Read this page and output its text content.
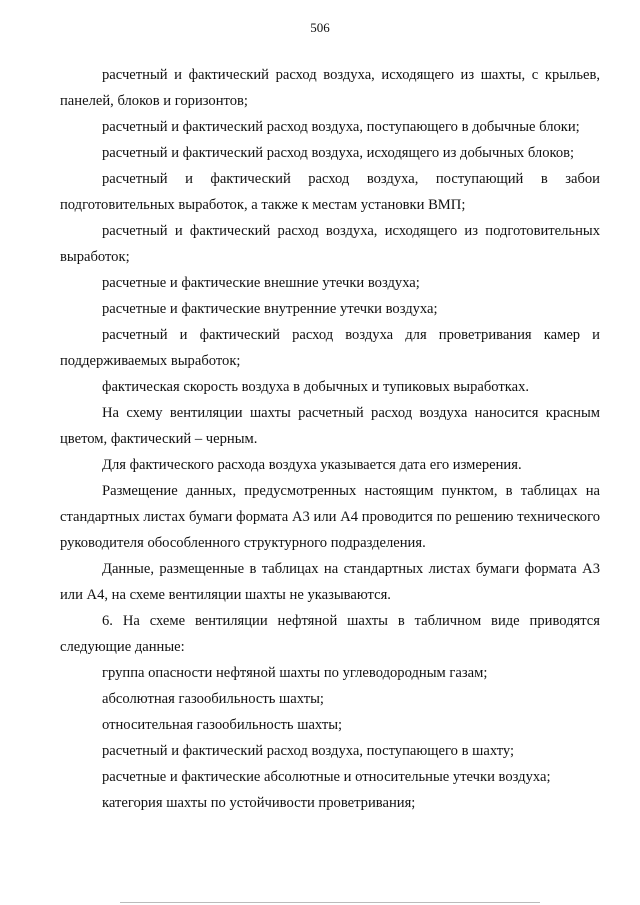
506

расчетный и фактический расход воздуха, исходящего из шахты, с крыльев, панелей, блоков и горизонтов;

расчетный и фактический расход воздуха, поступающего в добычные блоки;

расчетный и фактический расход воздуха, исходящего из добычных блоков;

расчетный и фактический расход воздуха, поступающий в забои подготовительных выработок, а также к местам установки ВМП;

расчетный и фактический расход воздуха, исходящего из подготовительных выработок;

расчетные и фактические внешние утечки воздуха;

расчетные и фактические внутренние утечки воздуха;

расчетный и фактический расход воздуха для проветривания камер и поддерживаемых выработок;

фактическая скорость воздуха в добычных и тупиковых выработках.

На схему вентиляции шахты расчетный расход воздуха наносится красным цветом, фактический – черным.

Для фактического расхода воздуха указывается дата его измерения.

Размещение данных, предусмотренных настоящим пунктом, в таблицах на стандартных листах бумаги формата А3 или А4 проводится по решению технического руководителя обособленного структурного подразделения.

Данные, размещенные в таблицах на стандартных листах бумаги формата А3 или А4, на схеме вентиляции шахты не указываются.

6. На схеме вентиляции нефтяной шахты в табличном виде приводятся следующие данные:

группа опасности нефтяной шахты по углеводородным газам;

абсолютная газообильность шахты;

относительная газообильность шахты;

расчетный и фактический расход воздуха, поступающего в шахту;

расчетные и фактические абсолютные и относительные утечки воздуха;

категория шахты по устойчивости проветривания;
